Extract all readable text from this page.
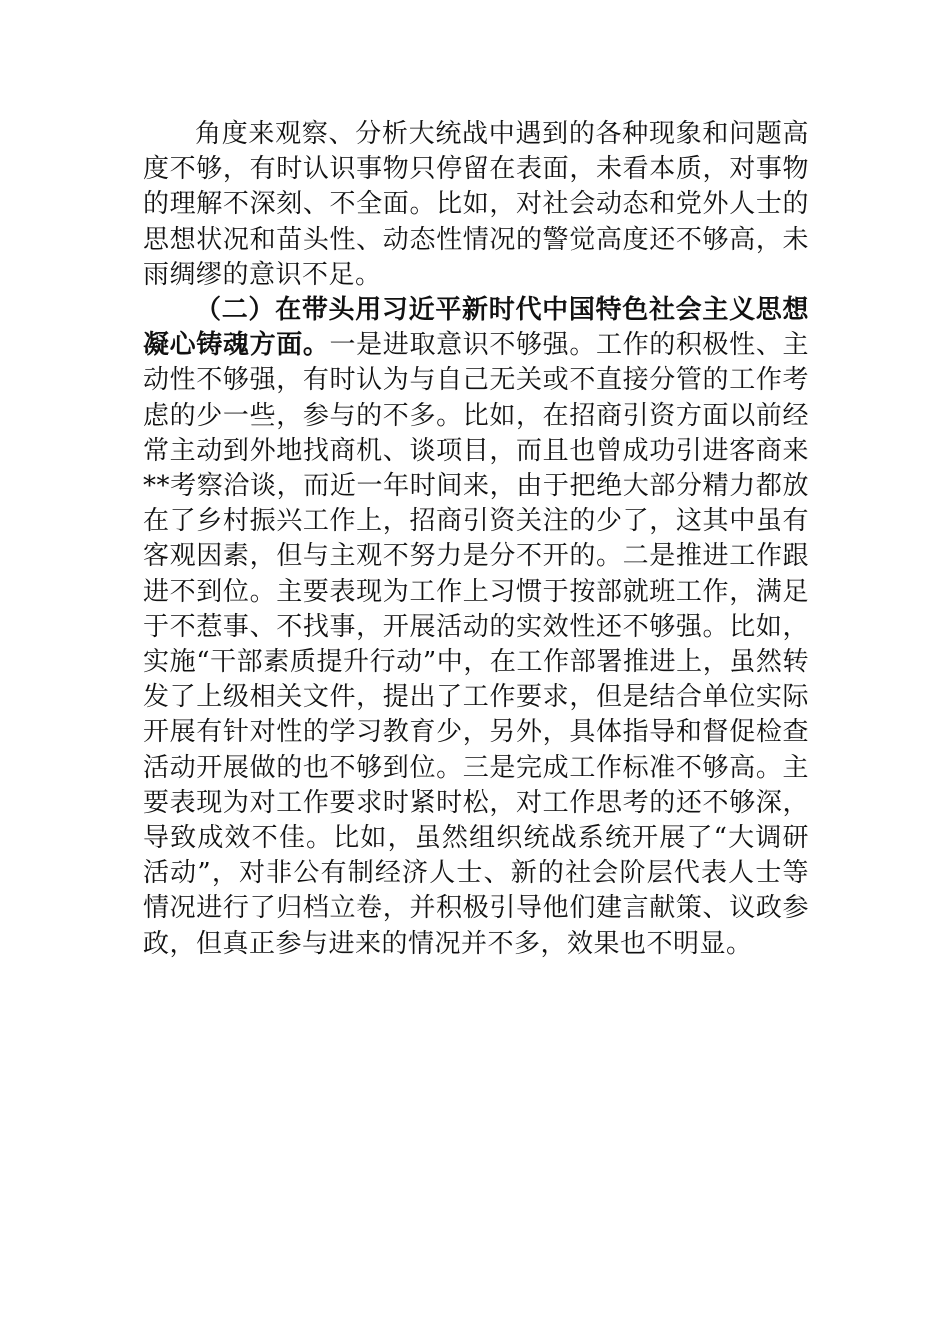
角度来观察、分析大统战中遇到的各种现象和问题高度不够，有时认识事物只停留在表面，未看本质，对事物的理解不深刻、不全面。比如，对社会动态和党外人士的思想状况和苗头性、动态性情况的警觉高度还不够高，未雨绸缪的意识不足。

（二）在带头用习近平新时代中国特色社会主义思想凝心铸魂方面。一是进取意识不够强。工作的积极性、主动性不够强，有时认为与自己无关或不直接分管的工作考虑的少一些，参与的不多。比如，在招商引资方面以前经常主动到外地找商机、谈项目，而且也曾成功引进客商来**考察洽谈，而近一年时间来，由于把绝大部分精力都放在了乡村振兴工作上，招商引资关注的少了，这其中虽有客观因素，但与主观不努力是分不开的。二是推进工作跟进不到位。主要表现为工作上习惯于按部就班工作，满足于不惹事、不找事，开展活动的实效性还不够强。比如，实施“干部素质提升行动”中，在工作部署推进上，虽然转发了上级相关文件，提出了工作要求，但是结合单位实际开展有针对性的学习教育少，另外，具体指导和督促检查活动开展做的也不够到位。三是完成工作标准不够高。主要表现为对工作要求时紧时松，对工作思考的还不够深，导致成效不佳。比如，虽然组织统战系统开展了“大调研活动”，对非公有制经济人士、新的社会阶层代表人士等情况进行了归档立卷，并积极引导他们建言献策、议政参政，但真正参与进来的情况并不多，效果也不明显。
